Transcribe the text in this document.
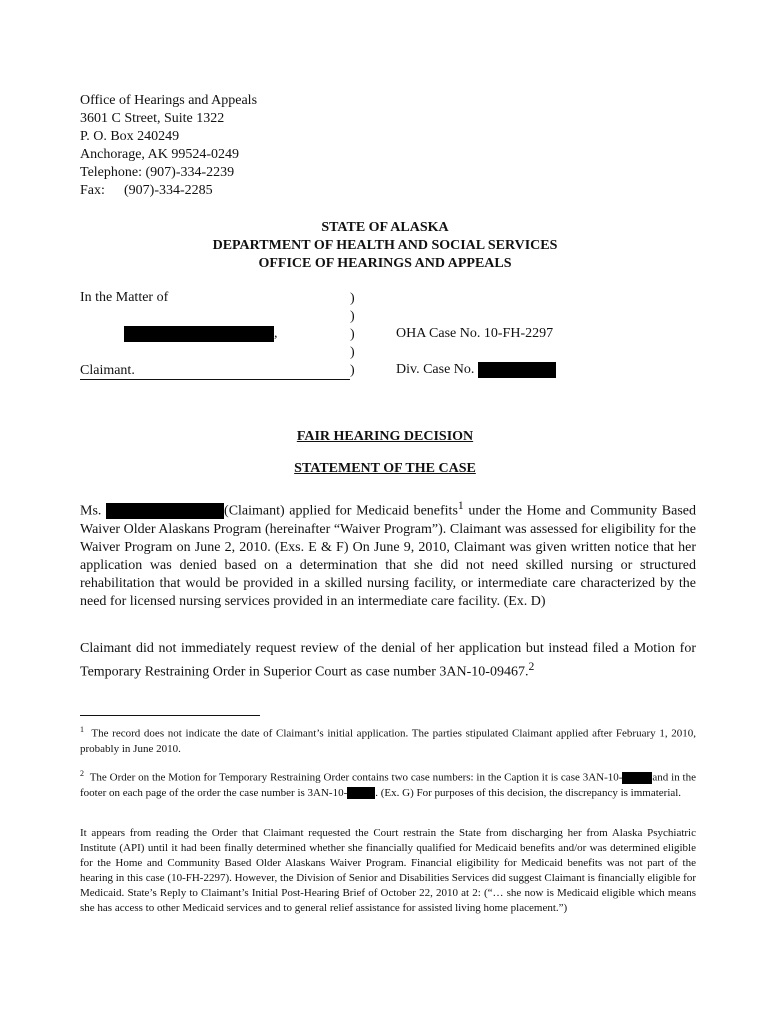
Office of Hearings and Appeals
3601 C Street, Suite 1322
P. O. Box 240249
Anchorage, AK 99524-0249
Telephone: (907)-334-2239
Fax: (907)-334-2285
STATE OF ALASKA
DEPARTMENT OF HEALTH AND SOCIAL SERVICES
OFFICE OF HEARINGS AND APPEALS
In the Matter of
,
Claimant.
)
)
)
)
)
OHA Case No. 10-FH-2297
Div. Case No.
FAIR HEARING DECISION
STATEMENT OF THE CASE

Ms.	(Claimant) applied for Medicaid benefits$^1$ under the Home and Community Based Waiver Older Alaskans Program (hereinafter “Waiver Program”). Claimant was assessed for eligibility for the Waiver Program on June 2, 2010. (Exs. E & F) On June 9, 2010, Claimant was given written notice that her application was denied based on a determination that she did not need skilled nursing or structured rehabilitation that would be provided in a skilled nursing facility, or intermediate care characterized by the need for licensed nursing services provided in an intermediate care facility. (Ex. D)

Claimant did not immediately request review of the denial of her application but instead filed a Motion for Temporary Restraining Order in Superior Court as case number 3AN-10-09467.$^2$

$^1$ The record does not indicate the date of Claimant’s initial application. The parties stipulated Claimant applied after February 1, 2010, probably in June 2010.
$^2$ The Order on the Motion for Temporary Restraining Order contains two case numbers: in the Caption it is case 3AN-10-	and in the footer on each page of the order the case number is 3AN-10-	. (Ex. G) For purposes of this decision, the discrepancy is immaterial.
It appears from reading the Order that Claimant requested the Court restrain the State from discharging her from Alaska Psychiatric Institute (API) until it had been finally determined whether she financially qualified for Medicaid benefits and/or was determined eligible for the Home and Community Based Older Alaskans Waiver Program. Financial eligibility for Medicaid benefits was not part of the hearing in this case (10-FH-2297). However, the Division of Senior and Disabilities Services did suggest Claimant is financially eligible for Medicaid. State’s Reply to Claimant’s Initial Post-Hearing Brief of October 22, 2010 at 2: (“… she now is Medicaid eligible which means she has access to other Medicaid services and to general relief assistance for assisted living home placement.”)
